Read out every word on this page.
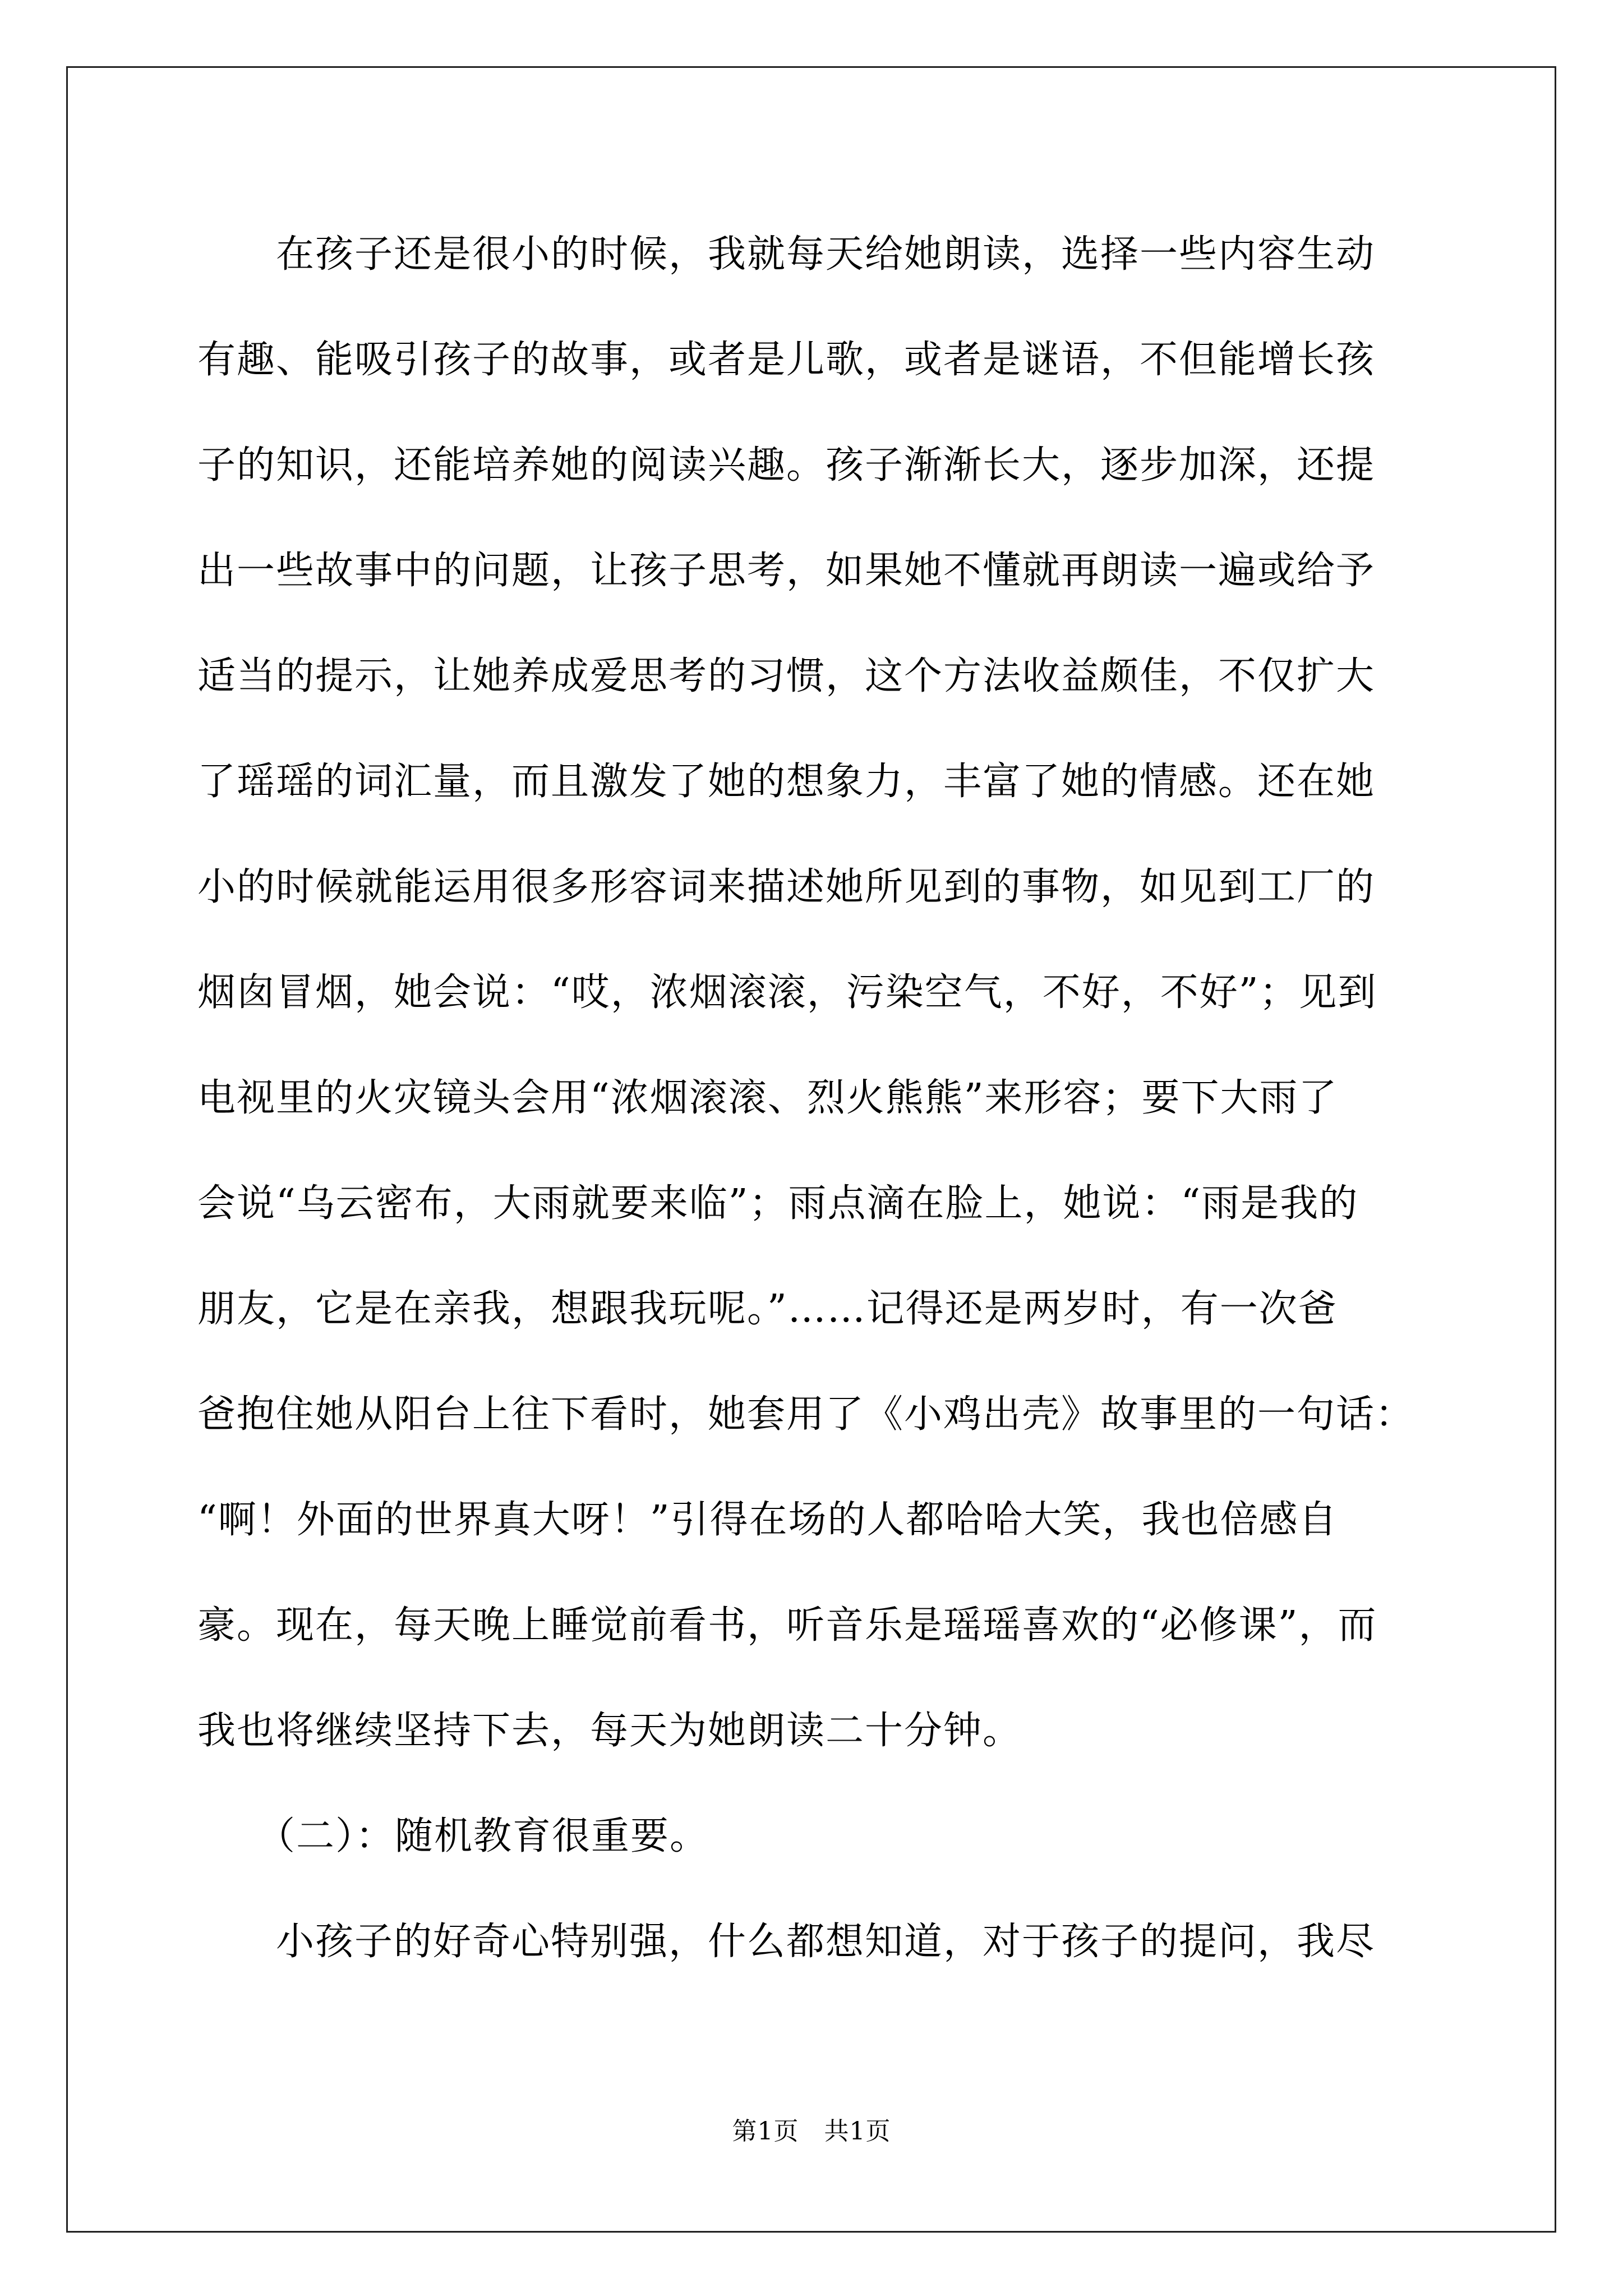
　　在孩子还是很小的时候，我就每天给她朗读，选择一些内容生动
有趣、能吸引孩子的故事，或者是儿歌，或者是谜语，不但能增长孩
子的知识，还能培养她的阅读兴趣。孩子渐渐长大，逐步加深，还提
出一些故事中的问题，让孩子思考，如果她不懂就再朗读一遍或给予
适当的提示，让她养成爱思考的习惯，这个方法收益颇佳，不仅扩大
了瑶瑶的词汇量，而且激发了她的想象力，丰富了她的情感。还在她
小的时候就能运用很多形容词来描述她所见到的事物，如见到工厂的
烟囱冒烟，她会说：“哎，浓烟滚滚，污染空气，不好，不好”；见到
电视里的火灾镜头会用“浓烟滚滚、烈火熊熊”来形容；要下大雨了
会说“乌云密布，大雨就要来临”；雨点滴在脸上，她说：“雨是我的
朋友，它是在亲我，想跟我玩呢。”……记得还是两岁时，有一次爸
爸抱住她从阳台上往下看时，她套用了《小鸡出壳》故事里的一句话：
“啊！外面的世界真大呀！”引得在场的人都哈哈大笑，我也倍感自
豪。现在，每天晚上睡觉前看书，听音乐是瑶瑶喜欢的“必修课”，而
我也将继续坚持下去，每天为她朗读二十分钟。
　　（二）：随机教育很重要。
　　小孩子的好奇心特别强，什么都想知道，对于孩子的提问，我尽
第1页　共1页
